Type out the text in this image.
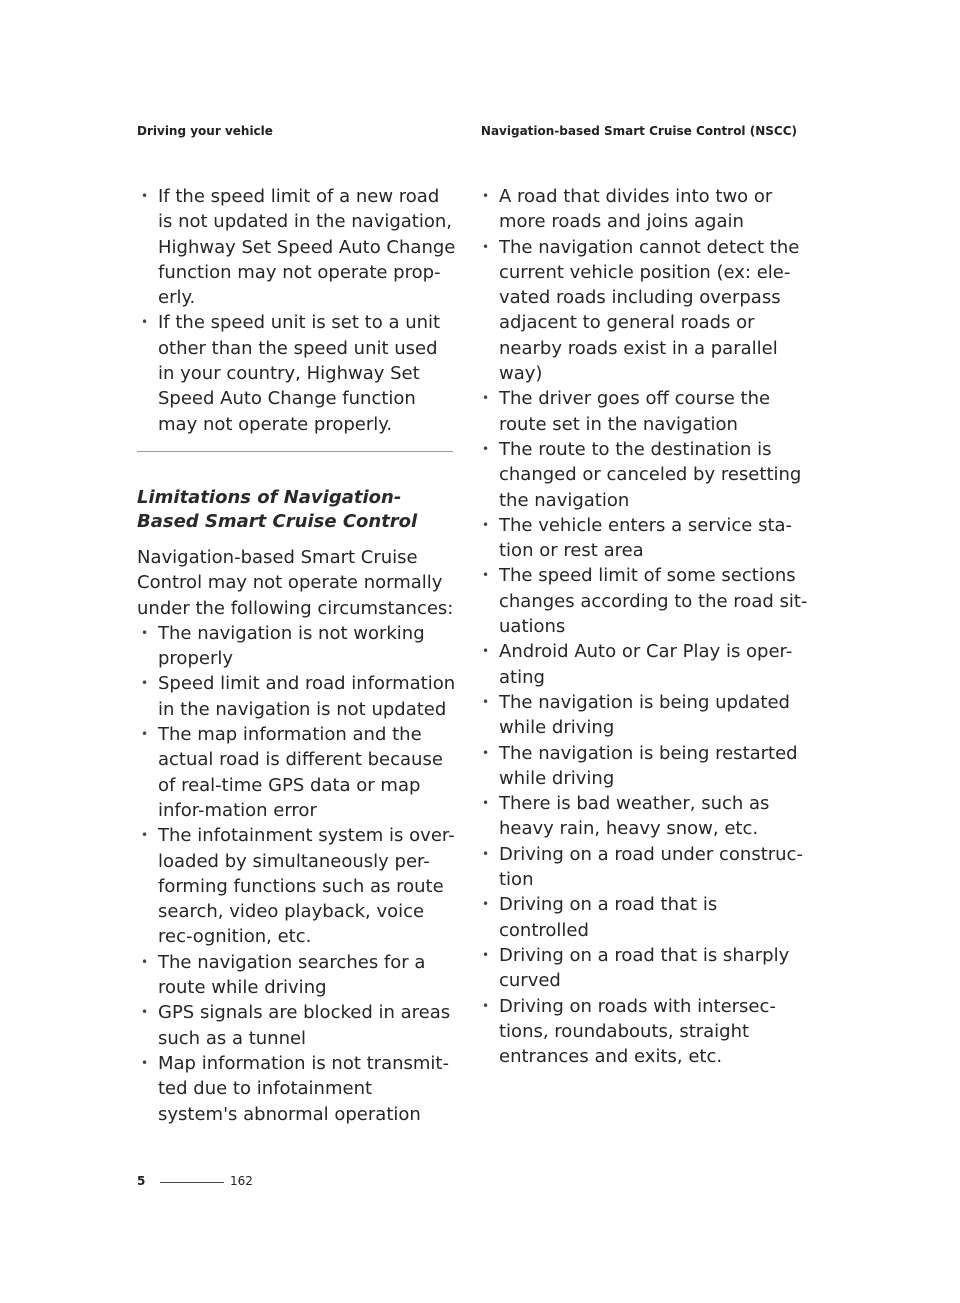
Driving your vehicle	Navigation-based Smart Cruise Control (NSCC)
• If the speed limit of a new road is not updated in the navigation, Highway Set Speed Auto Change function may not operate prop-erly.
• If the speed unit is set to a unit other than the speed unit used in your country, Highway Set Speed Auto Change function may not operate properly.
Limitations of Navigation-Based Smart Cruise Control
Navigation-based Smart Cruise Control may not operate normally under the following circumstances:
• The navigation is not working properly
• Speed limit and road information in the navigation is not updated
• The map information and the actual road is different because of real-time GPS data or map infor-mation error
• The infotainment system is over-loaded by simultaneously per-forming functions such as route search, video playback, voice rec-ognition, etc.
• The navigation searches for a route while driving
• GPS signals are blocked in areas such as a tunnel
• Map information is not transmit-ted due to infotainment system's abnormal operation
• A road that divides into two or more roads and joins again
• The navigation cannot detect the current vehicle position (ex: ele-vated roads including overpass adjacent to general roads or nearby roads exist in a parallel way)
• The driver goes off course the route set in the navigation
• The route to the destination is changed or canceled by resetting the navigation
• The vehicle enters a service sta-tion or rest area
• The speed limit of some sections changes according to the road sit-uations
• Android Auto or Car Play is oper-ating
• The navigation is being updated while driving
• The navigation is being restarted while driving
• There is bad weather, such as heavy rain, heavy snow, etc.
• Driving on a road under construc-tion
• Driving on a road that is controlled
• Driving on a road that is sharply curved
• Driving on roads with intersec-tions, roundabouts, straight entrances and exits, etc.
5	162
